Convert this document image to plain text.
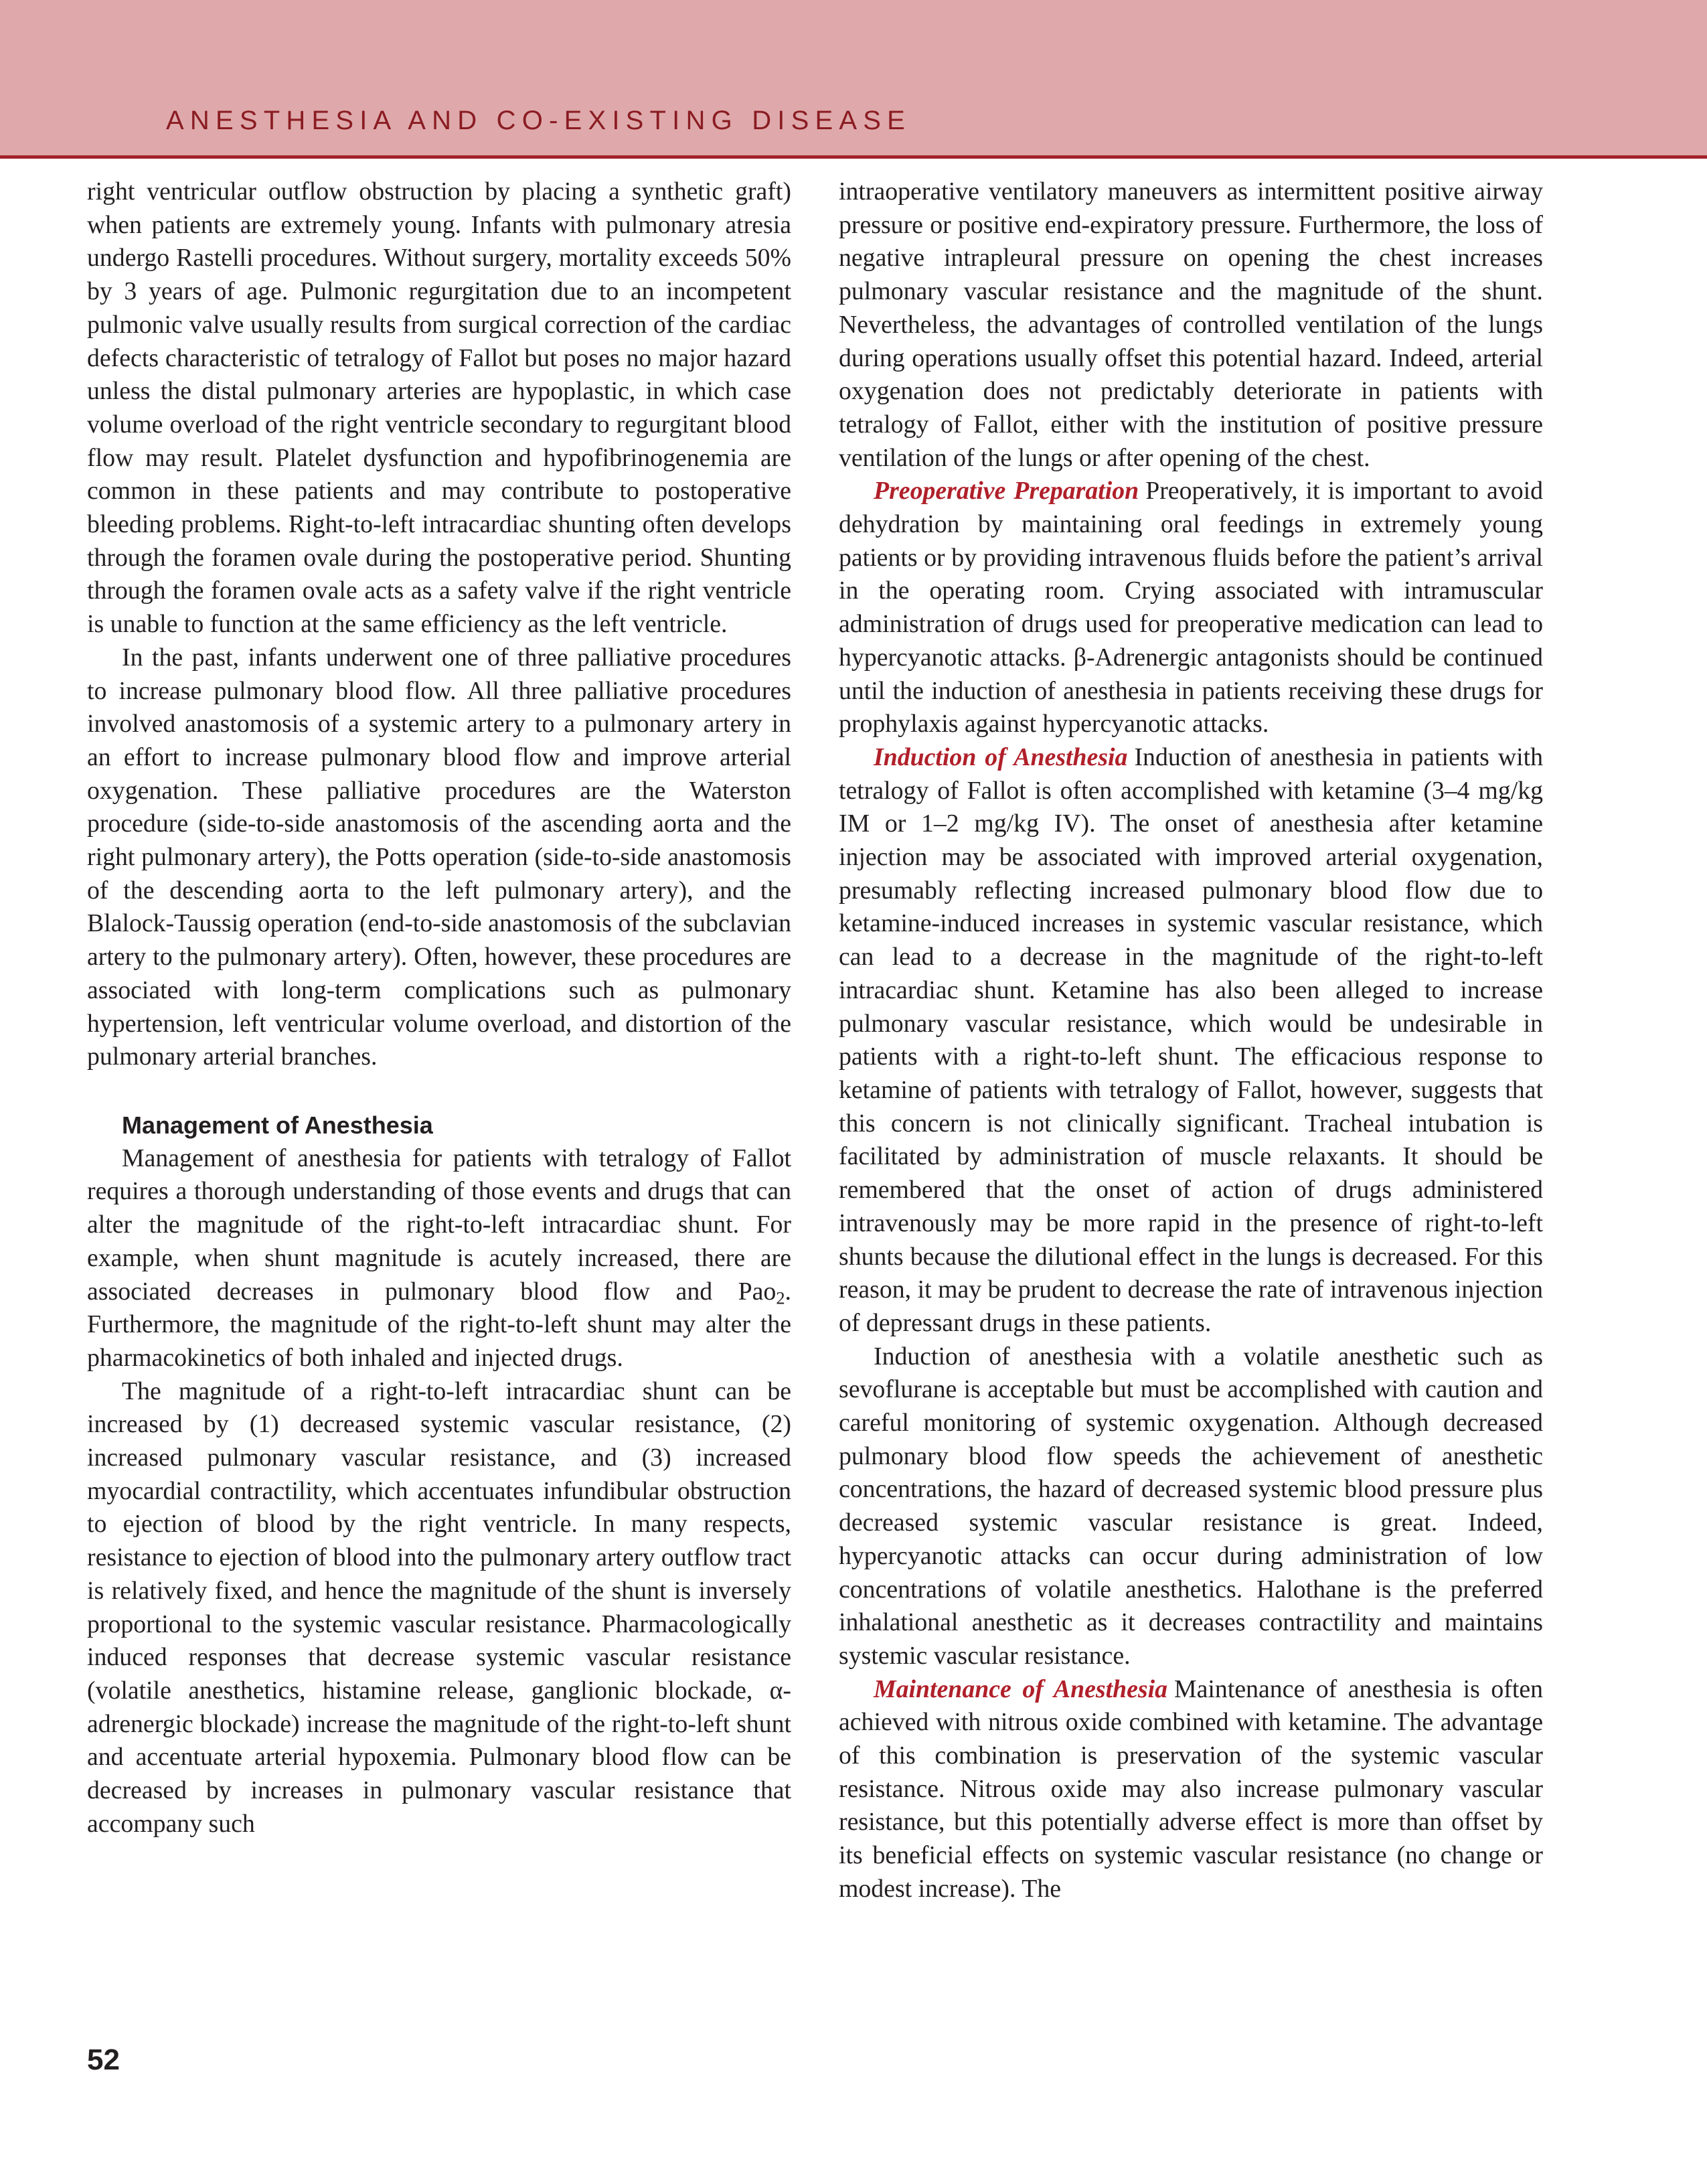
ANESTHESIA AND CO-EXISTING DISEASE

right ventricular outflow obstruction by placing a synthetic graft) when patients are extremely young. Infants with pulmonary atresia undergo Rastelli procedures. Without surgery, mortality exceeds 50% by 3 years of age. Pulmonic regurgitation due to an incompetent pulmonic valve usually results from surgical correction of the cardiac defects characteristic of tetralogy of Fallot but poses no major hazard unless the distal pulmonary arteries are hypoplastic, in which case volume overload of the right ventricle secondary to regurgitant blood flow may result. Platelet dysfunction and hypofibrinogenemia are common in these patients and may contribute to postoperative bleeding problems. Right-to-left intracardiac shunting often develops through the foramen ovale during the postoperative period. Shunting through the foramen ovale acts as a safety valve if the right ventricle is unable to function at the same efficiency as the left ventricle.

In the past, infants underwent one of three palliative procedures to increase pulmonary blood flow. All three palliative procedures involved anastomosis of a systemic artery to a pulmonary artery in an effort to increase pulmonary blood flow and improve arterial oxygenation. These palliative procedures are the Waterston procedure (side-to-side anastomosis of the ascending aorta and the right pulmonary artery), the Potts operation (side-to-side anastomosis of the descending aorta to the left pulmonary artery), and the Blalock-Taussig operation (end-to-side anastomosis of the subclavian artery to the pulmonary artery). Often, however, these procedures are associated with long-term complications such as pulmonary hypertension, left ventricular volume overload, and distortion of the pulmonary arterial branches.

Management of Anesthesia

Management of anesthesia for patients with tetralogy of Fallot requires a thorough understanding of those events and drugs that can alter the magnitude of the right-to-left intracardiac shunt. For example, when shunt magnitude is acutely increased, there are associated decreases in pulmonary blood flow and Pao$_2$. Furthermore, the magnitude of the right-to-left shunt may alter the pharmacokinetics of both inhaled and injected drugs.

The magnitude of a right-to-left intracardiac shunt can be increased by (1) decreased systemic vascular resistance, (2) increased pulmonary vascular resistance, and (3) increased myocardial contractility, which accentuates infundibular obstruction to ejection of blood by the right ventricle. In many respects, resistance to ejection of blood into the pulmonary artery outflow tract is relatively fixed, and hence the magnitude of the shunt is inversely proportional to the systemic vascular resistance. Pharmacologically induced responses that decrease systemic vascular resistance (volatile anesthetics, histamine release, ganglionic blockade, α-adrenergic blockade) increase the magnitude of the right-to-left shunt and accentuate arterial hypoxemia. Pulmonary blood flow can be decreased by increases in pulmonary vascular resistance that accompany such

intraoperative ventilatory maneuvers as intermittent positive airway pressure or positive end-expiratory pressure. Furthermore, the loss of negative intrapleural pressure on opening the chest increases pulmonary vascular resistance and the magnitude of the shunt. Nevertheless, the advantages of controlled ventilation of the lungs during operations usually offset this potential hazard. Indeed, arterial oxygenation does not predictably deteriorate in patients with tetralogy of Fallot, either with the institution of positive pressure ventilation of the lungs or after opening of the chest.

Preoperative Preparation Preoperatively, it is important to avoid dehydration by maintaining oral feedings in extremely young patients or by providing intravenous fluids before the patient’s arrival in the operating room. Crying associated with intramuscular administration of drugs used for preoperative medication can lead to hypercyanotic attacks. β-Adrenergic antagonists should be continued until the induction of anesthesia in patients receiving these drugs for prophylaxis against hypercyanotic attacks.

Induction of Anesthesia Induction of anesthesia in patients with tetralogy of Fallot is often accomplished with ketamine (3–4 mg/kg IM or 1–2 mg/kg IV). The onset of anesthesia after ketamine injection may be associated with improved arterial oxygenation, presumably reflecting increased pulmonary blood flow due to ketamine-induced increases in systemic vascular resistance, which can lead to a decrease in the magnitude of the right-to-left intracardiac shunt. Ketamine has also been alleged to increase pulmonary vascular resistance, which would be undesirable in patients with a right-to-left shunt. The efficacious response to ketamine of patients with tetralogy of Fallot, however, suggests that this concern is not clinically significant. Tracheal intubation is facilitated by administration of muscle relaxants. It should be remembered that the onset of action of drugs administered intravenously may be more rapid in the presence of right-to-left shunts because the dilutional effect in the lungs is decreased. For this reason, it may be prudent to decrease the rate of intravenous injection of depressant drugs in these patients.

Induction of anesthesia with a volatile anesthetic such as sevoflurane is acceptable but must be accomplished with caution and careful monitoring of systemic oxygenation. Although decreased pulmonary blood flow speeds the achievement of anesthetic concentrations, the hazard of decreased systemic blood pressure plus decreased systemic vascular resistance is great. Indeed, hypercyanotic attacks can occur during administration of low concentrations of volatile anesthetics. Halothane is the preferred inhalational anesthetic as it decreases contractility and maintains systemic vascular resistance.

Maintenance of Anesthesia Maintenance of anesthesia is often achieved with nitrous oxide combined with ketamine. The advantage of this combination is preservation of the systemic vascular resistance. Nitrous oxide may also increase pulmonary vascular resistance, but this potentially adverse effect is more than offset by its beneficial effects on systemic vascular resistance (no change or modest increase). The

52
